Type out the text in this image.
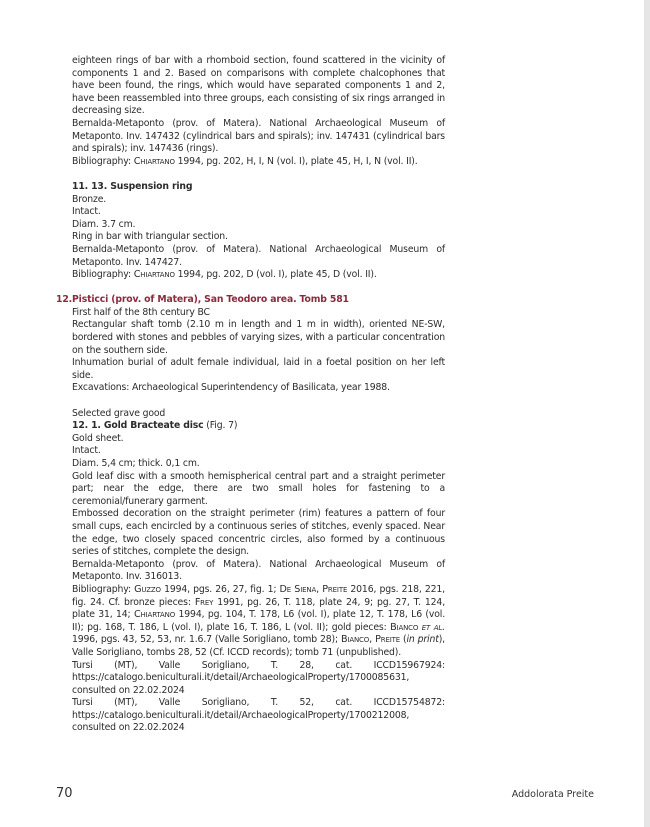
eighteen rings of bar with a rhomboid section, found scattered in the vicinity of components 1 and 2. Based on comparisons with complete chalcophones that have been found, the rings, which would have separated components 1 and 2, have been reassembled into three groups, each consisting of six rings arranged in decreasing size.

Bernalda-Metaponto (prov. of Matera). National Archaeological Museum of Metaponto. Inv. 147432 (cylindrical bars and spirals); inv. 147431 (cylindrical bars and spirals); inv. 147436 (rings).

Bibliography: Chiartano 1994, pg. 202, H, I, N (vol. I), plate 45, H, I, N (vol. II).

11. 13. Suspension ring

Bronze.

Intact.

Diam. 3.7 cm.

Ring in bar with triangular section.

Bernalda-Metaponto (prov. of Matera). National Archaeological Museum of Metaponto. Inv. 147427.

Bibliography: Chiartano 1994, pg. 202, D (vol. I), plate 45, D (vol. II).

12. Pisticci (prov. of Matera), San Teodoro area. Tomb 581

First half of the 8th century BC

Rectangular shaft tomb (2.10 m in length and 1 m in width), oriented NE-SW, bordered with stones and pebbles of varying sizes, with a particular concentration on the southern side.

Inhumation burial of adult female individual, laid in a foetal position on her left side.

Excavations: Archaeological Superintendency of Basilicata, year 1988.

Selected grave good

12. 1. Gold Bracteate disc (Fig. 7)

Gold sheet.

Intact.

Diam. 5,4 cm; thick. 0,1 cm.

Gold leaf disc with a smooth hemispherical central part and a straight perimeter part; near the edge, there are two small holes for fastening to a ceremonial/funerary garment.

Embossed decoration on the straight perimeter (rim) features a pattern of four small cups, each encircled by a continuous series of stitches, evenly spaced. Near the edge, two closely spaced concentric circles, also formed by a continuous series of stitches, complete the design.

Bernalda-Metaponto (prov. of Matera). National Archaeological Museum of Metaponto. Inv. 316013.

Bibliography: Guzzo 1994, pgs. 26, 27, fig. 1; De Siena, Preite 2016, pgs. 218, 221, fig. 24. Cf. bronze pieces: Frey 1991, pg. 26, T. 118, plate 24, 9; pg. 27, T. 124, plate 31, 14; Chiartano 1994, pg. 104, T. 178, L6 (vol. I), plate 12, T. 178, L6 (vol. II); pg. 168, T. 186, L (vol. I), plate 16, T. 186, L (vol. II); gold pieces: Bianco et al. 1996, pgs. 43, 52, 53, nr. 1.6.7 (Valle Sorigliano, tomb 28); Bianco, Preite (in print), Valle Sorigliano, tombs 28, 52 (Cf. ICCD records); tomb 71 (unpublished).

Tursi (MT), Valle Sorigliano, T. 28, cat. ICCD15967924: https://catalogo.beniculturali.it/detail/ArchaeologicalProperty/1700085631, consulted on 22.02.2024

Tursi (MT), Valle Sorigliano, T. 52, cat. ICCD15754872: https://catalogo.beniculturali.it/detail/ArchaeologicalProperty/1700212008, consulted on 22.02.2024

70	Addolorata Preite
